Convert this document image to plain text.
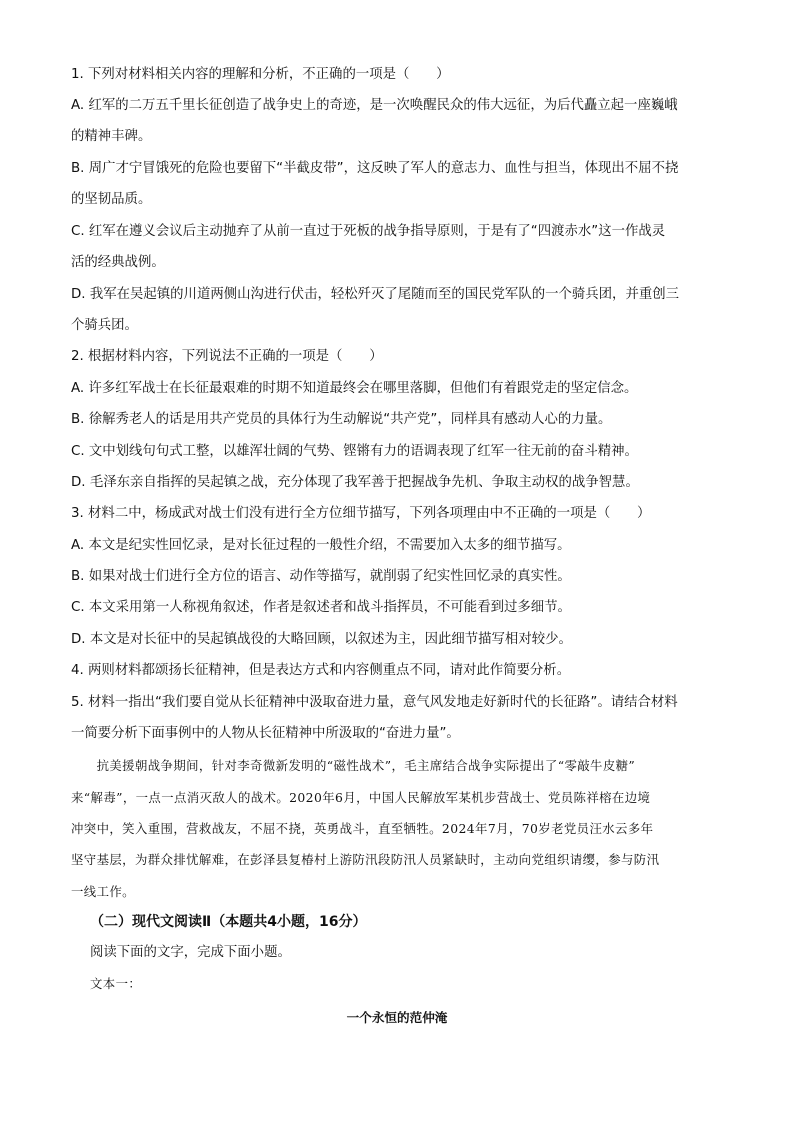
1. 下列对材料相关内容的理解和分析，不正确的一项是（　　）
A. 红军的二万五千里长征创造了战争史上的奇迹，是一次唤醒民众的伟大远征，为后代矗立起一座巍峨
的精神丰碑。
B. 周广才宁冒饿死的危险也要留下“半截皮带”，这反映了军人的意志力、血性与担当，体现出不屈不挠
的坚韧品质。
C. 红军在遵义会议后主动抛弃了从前一直过于死板的战争指导原则，于是有了“四渡赤水”这一作战灵
活的经典战例。
D. 我军在吴起镇的川道两侧山沟进行伏击，轻松歼灭了尾随而至的国民党军队的一个骑兵团，并重创三
个骑兵团。
2. 根据材料内容，下列说法不正确的一项是（　　）
A. 许多红军战士在长征最艰难的时期不知道最终会在哪里落脚，但他们有着跟党走的坚定信念。
B. 徐解秀老人的话是用共产党员的具体行为生动解说“共产党”，同样具有感动人心的力量。
C. 文中划线句句式工整，以雄浑壮阔的气势、铿锵有力的语调表现了红军一往无前的奋斗精神。
D. 毛泽东亲自指挥的吴起镇之战，充分体现了我军善于把握战争先机、争取主动权的战争智慧。
3. 材料二中，杨成武对战士们没有进行全方位细节描写，下列各项理由中不正确的一项是（　　）
A. 本文是纪实性回忆录，是对长征过程的一般性介绍，不需要加入太多的细节描写。
B. 如果对战士们进行全方位的语言、动作等描写，就削弱了纪实性回忆录的真实性。
C. 本文采用第一人称视角叙述，作者是叙述者和战斗指挥员，不可能看到过多细节。
D. 本文是对长征中的吴起镇战役的大略回顾，以叙述为主，因此细节描写相对较少。
4. 两则材料都颂扬长征精神，但是表达方式和内容侧重点不同，请对此作简要分析。
5. 材料一指出“我们要自觉从长征精神中汲取奋进力量，意气风发地走好新时代的长征路”。请结合材料
一简要分析下面事例中的人物从长征精神中所汲取的“奋进力量”。
　　抗美援朝战争期间，针对李奇微新发明的“磁性战术”，毛主席结合战争实际提出了“零敲牛皮糖”
来“解毒”，一点一点消灭敌人的战术。2020年6月，中国人民解放军某机步营战士、党员陈祥榕在边境
冲突中，笑入重围，营救战友，不屈不挠，英勇战斗，直至牺牲。2024年7月，70岁老党员汪水云多年
坚守基层，为群众排忧解难，在彭泽县复椿村上游防汛段防汛人员紧缺时，主动向党组织请缨，参与防汛
一线工作。
（二）现代文阅读Ⅱ（本题共4小题，16分）
阅读下面的文字，完成下面小题。
文本一：
一个永恒的范仲淹
